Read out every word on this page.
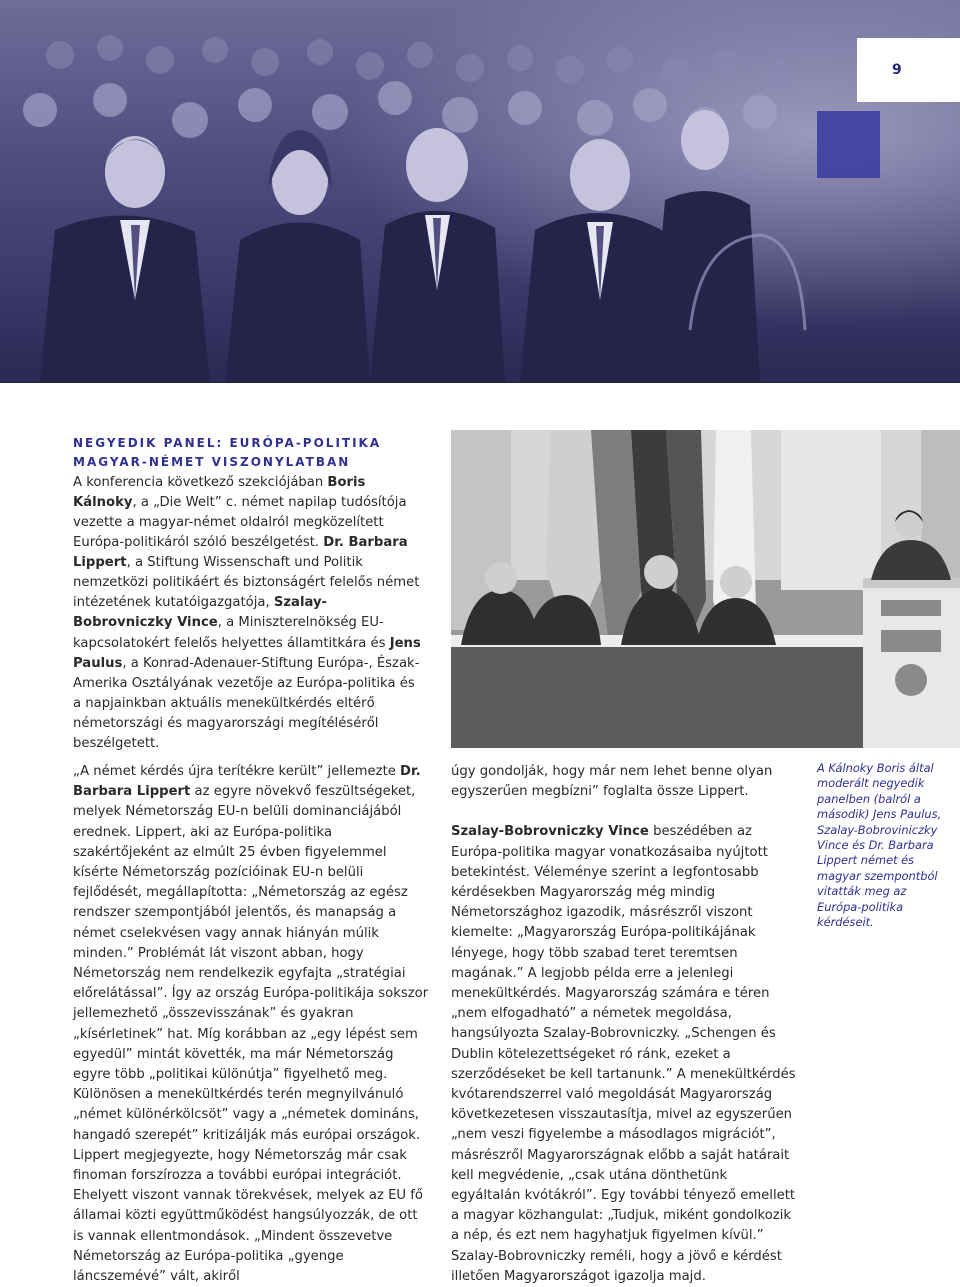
9
NEGYEDIK PANEL: EURÓPA-POLITIKA
MAGYAR-NÉMET VISZONYLATBAN

A konferencia következő szekciójában Boris Kálnoky, a „Die Welt” c. német napilap tudósítója vezette a magyar-német oldalról megközelített Európa-politikáról szóló beszélgetést. Dr. Barbara Lippert, a Stiftung Wissenschaft und Politik nemzetközi politikáért és biztonságért felelős német intézetének kutatóigazgatója, Szalay-Bobrovniczky Vince, a Miniszterelnökség EU-kapcsolatokért felelős helyettes államtitkára és Jens Paulus, a Konrad-Adenauer-Stiftung Európa-, Észak-Amerika Osztályának vezetője az Európa-politika és a napjainkban aktuális menekültkérdés eltérő németországi és magyarországi megítéléséről beszélgetett.

„A német kérdés újra terítékre került” jellemezte Dr. Barbara Lippert az egyre növekvő feszültségeket, melyek Németország EU-n belüli dominanciájából erednek. Lippert, aki az Európa-politika szakértőjeként az elmúlt 25 évben figyelemmel kísérte Németország pozícióinak EU-n belüli fejlődését, megállapította: „Németország az egész rendszer szempontjából jelentős, és manapság a német cselekvésen vagy annak hiányán múlik minden.” Problémát lát viszont abban, hogy Németország nem rendelkezik egyfajta „stratégiai előrelátással”. Így az ország Európa-politikája sokszor jellemezhető „összevisszának” és gyakran „kísérletinek” hat. Míg korábban az „egy lépést sem egyedül” mintát követték, ma már Németország egyre több „politikai különútja” figyelhető meg. Különösen a menekültkérdés terén megnyilvánuló „német különérkölcsöt” vagy a „németek domináns, hangadó szerepét” kritizálják más európai országok. Lippert megjegyezte, hogy Németország már csak finoman forszírozza a további európai integrációt. Ehelyett viszont vannak törekvések, melyek az EU fő államai közti együttműködést hangsúlyozzák, de ott is vannak ellentmondások. „Mindent összevetve Németország az Európa-politika „gyenge láncszemévé” vált, akiről

úgy gondolják, hogy már nem lehet benne olyan egyszerűen megbízni” foglalta össze Lippert.

Szalay-Bobrovniczky Vince beszédében az Európa-politika magyar vonatkozásaiba nyújtott betekintést. Véleménye szerint a legfontosabb kérdésekben Magyarország még mindig Németországhoz igazodik, másrészről viszont kiemelte: „Magyarország Európa-politikájának lényege, hogy több szabad teret teremtsen magának.” A legjobb példa erre a jelenlegi menekültkérdés. Magyarország számára e téren „nem elfogadható” a németek megoldása, hangsúlyozta Szalay-Bobrovniczky. „Schengen és Dublin kötelezettségeket ró ránk, ezeket a szerződéseket be kell tartanunk.” A menekültkérdés kvótarendszerrel való megoldását Magyarország következetesen visszautasítja, mivel az egyszerűen „nem veszi figyelembe a másodlagos migrációt”, másrészről Magyarországnak előbb a saját határait kell megvédenie, „csak utána dönthetünk egyáltalán kvótákról”. Egy további tényező emellett a magyar közhangulat: „Tudjuk, miként gondolkozik a nép, és ezt nem hagyhatjuk figyelmen kívül.” Szalay-Bobrovniczky reméli, hogy a jövő e kérdést illetően Magyarországot igazolja majd.

A Kálnoky Boris által moderált negyedik panelben (balról a második) Jens Paulus, Szalay-Bobroviniczky Vince és Dr. Barbara Lippert német és magyar szempontból vitatták meg az Európa-politika kérdéseit.
